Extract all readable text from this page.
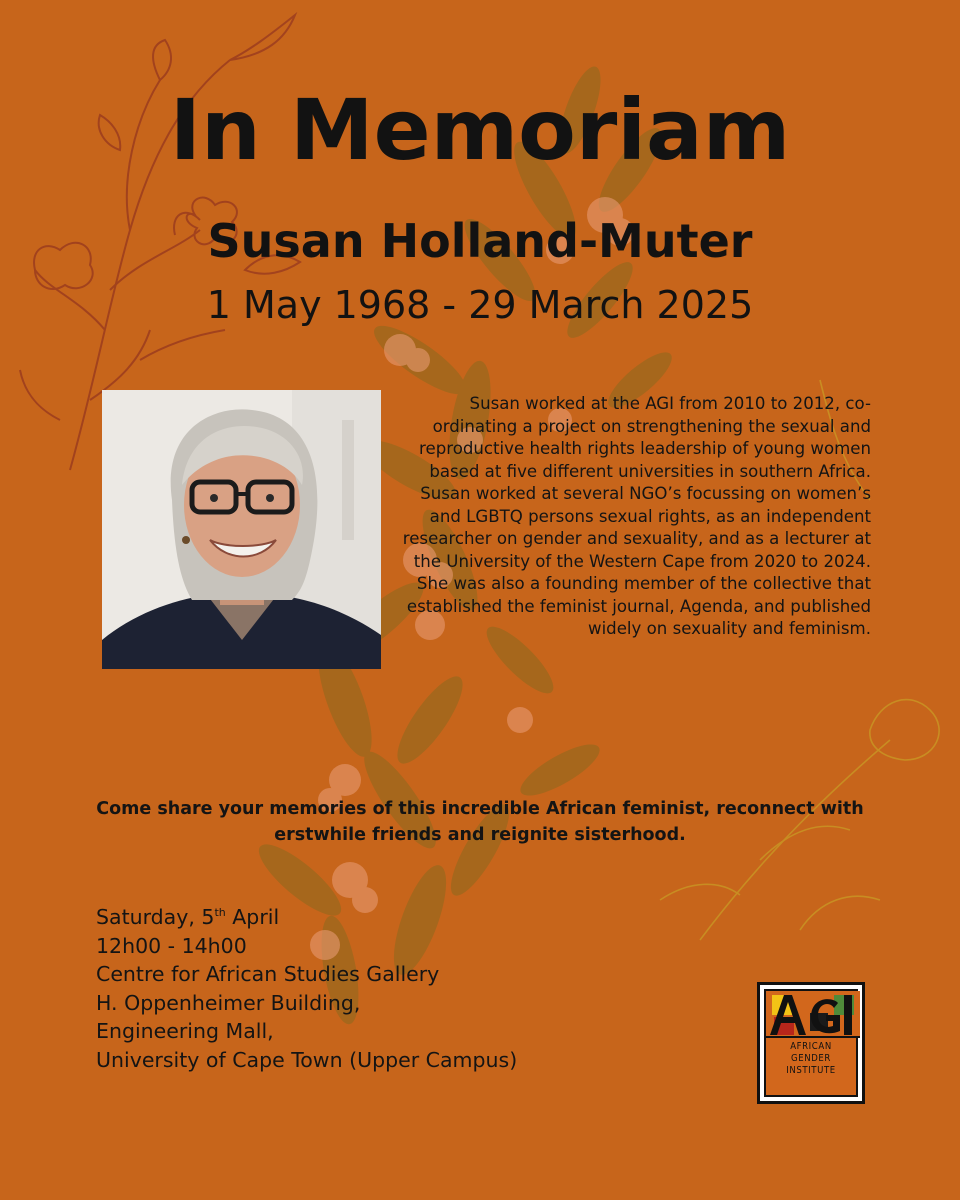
In Memoriam
Susan Holland-Muter
1 May 1968 - 29 March 2025

Susan worked at the AGI from 2010 to 2012, co-ordinating a project on strengthening the sexual and reproductive health rights leadership of young women based at five different universities in southern Africa. Susan worked at several NGO’s focussing on women’s and LGBTQ persons sexual rights, as an independent researcher on gender and sexuality, and as a lecturer at the University of the Western Cape from 2020 to 2024. She was also a founding member of the collective that established the feminist journal, Agenda, and published widely on sexuality and feminism.

Come share your memories of this incredible African feminist, reconnect with erstwhile friends and reignite sisterhood.

Saturday, 5th April
12h00 - 14h00
Centre for African Studies Gallery
H. Oppenheimer Building,
Engineering Mall,
University of Cape Town (Upper Campus)
AFRICAN
GENDER
INSTITUTE
